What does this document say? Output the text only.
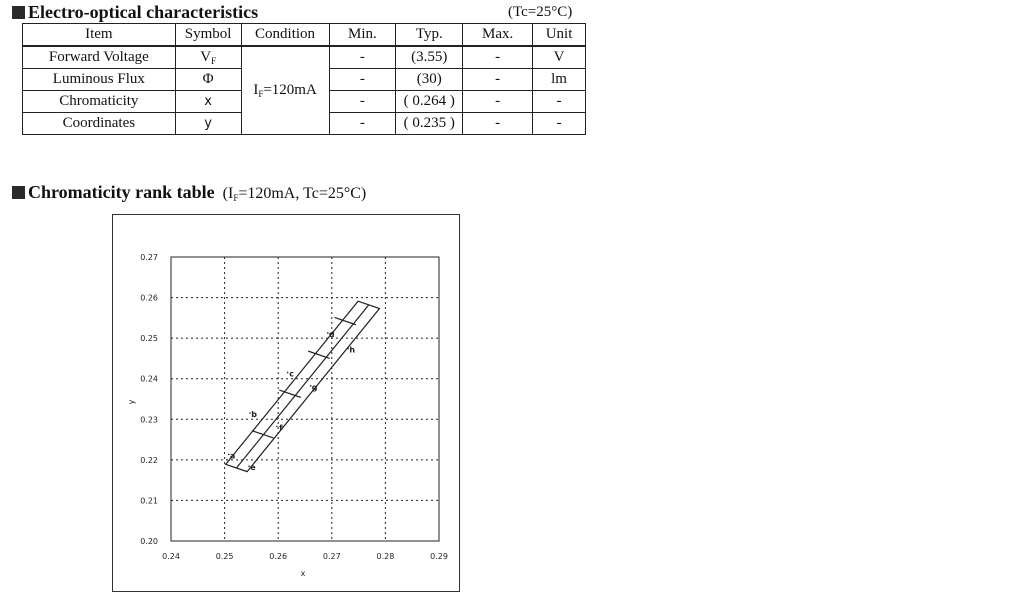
Electro-optical characteristics	(Tc=25°C)
Item	Symbol	Condition	Min.	Typ.	Max.	Unit
Forward Voltage	$V_F$	$I_F=120mA$	-	(3.55)	-	V
Luminous Flux	Φ		-	(30)	-	lm
Chromaticity	x		-	( 0.264 )	-	-
Coordinates	y		-	( 0.235 )	-	-
Chromaticity rank table ($I_F=120mA$, Tc=25°C)
0.24	0.25	0.26	0.27	0.28	0.29
0.20
0.21
0.22
0.23
0.24
0.25
0.26
0.27
x
y
a
b
c
d
e
f
g
h
